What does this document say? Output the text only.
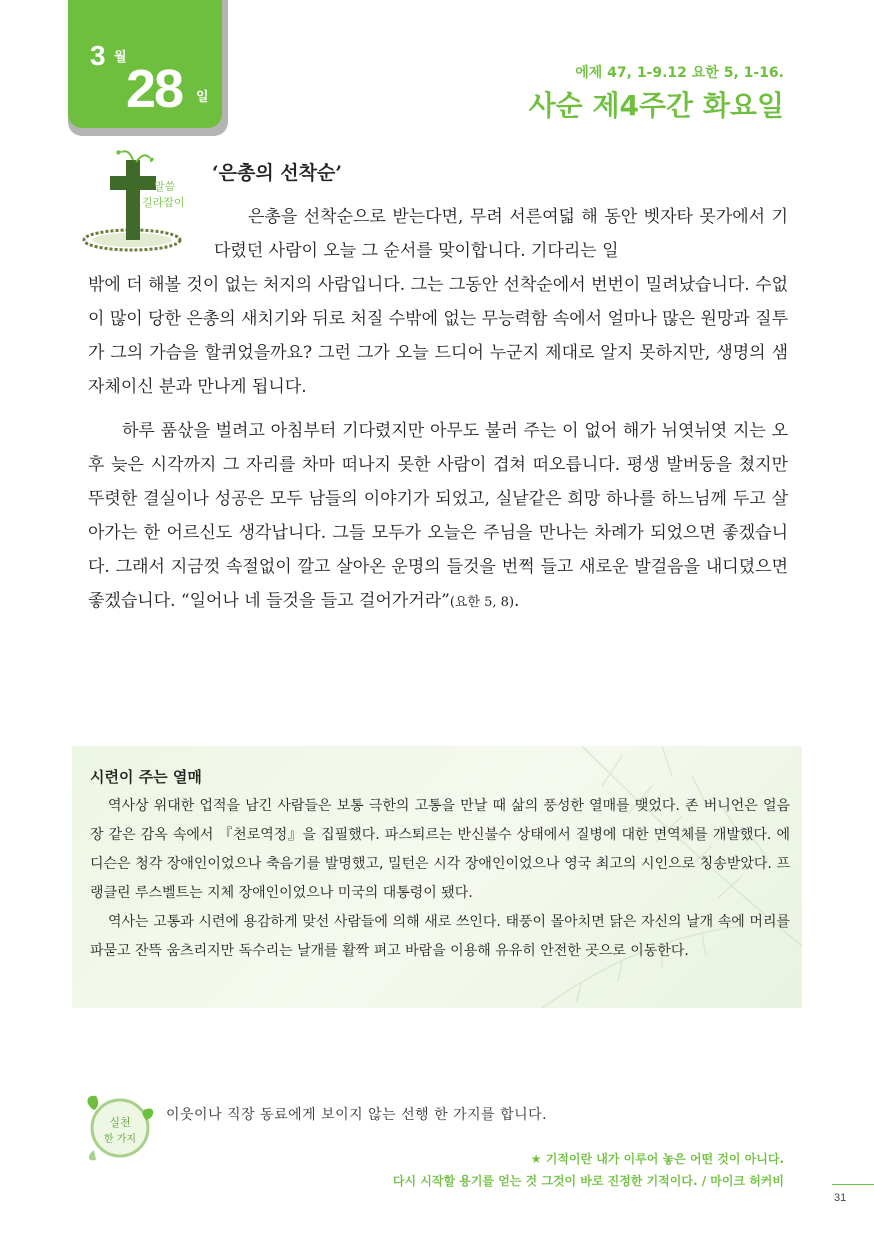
3 월
28 일
에제 47, 1-9.12 요한 5, 1-16.
사순 제4주간 화요일
말씀
길라잡이
‘은총의 선착순’
은총을 선착순으로 받는다면, 무려 서른여덟 해 동안 벳자타 못가에서 기다렸던 사람이 오늘 그 순서를 맞이합니다. 기다리는 일

밖에 더 해볼 것이 없는 처지의 사람입니다. 그는 그동안 선착순에서 번번이 밀려났습니다. 수없이 많이 당한 은총의 새치기와 뒤로 처질 수밖에 없는 무능력함 속에서 얼마나 많은 원망과 질투가 그의 가슴을 할퀴었을까요? 그런 그가 오늘 드디어 누군지 제대로 알지 못하지만, 생명의 샘 자체이신 분과 만나게 됩니다.

하루 품삯을 벌려고 아침부터 기다렸지만 아무도 불러 주는 이 없어 해가 뉘엿뉘엿 지는 오후 늦은 시각까지 그 자리를 차마 떠나지 못한 사람이 겹쳐 떠오릅니다. 평생 발버둥을 쳤지만 뚜렷한 결실이나 성공은 모두 남들의 이야기가 되었고, 실낱같은 희망 하나를 하느님께 두고 살아가는 한 어르신도 생각납니다. 그들 모두가 오늘은 주님을 만나는 차례가 되었으면 좋겠습니다. 그래서 지금껏 속절없이 깔고 살아온 운명의 들것을 번쩍 들고 새로운 발걸음을 내디뎠으면 좋겠습니다. “일어나 네 들것을 들고 걸어가거라”(요한 5, 8).

시련이 주는 열매

역사상 위대한 업적을 남긴 사람들은 보통 극한의 고통을 만날 때 삶의 풍성한 열매를 맺었다. 존 버니언은 얼음장 같은 감옥 속에서 『천로역정』을 집필했다. 파스퇴르는 반신불수 상태에서 질병에 대한 면역체를 개발했다. 에디슨은 청각 장애인이었으나 축음기를 발명했고, 밀턴은 시각 장애인이었으나 영국 최고의 시인으로 칭송받았다. 프랭클린 루스벨트는 지체 장애인이었으나 미국의 대통령이 됐다.

역사는 고통과 시련에 용감하게 맞선 사람들에 의해 새로 쓰인다. 태풍이 몰아치면 닭은 자신의 날개 속에 머리를 파묻고 잔뜩 움츠리지만 독수리는 날개를 활짝 펴고 바람을 이용해 유유히 안전한 곳으로 이동한다.

실천
한 가지
이웃이나 직장 동료에게 보이지 않는 선행 한 가지를 합니다.
★ 기적이란 내가 이루어 놓은 어떤 것이 아니다.
다시 시작할 용기를 얻는 것 그것이 바로 진정한 기적이다. / 마이크 허커비
31
